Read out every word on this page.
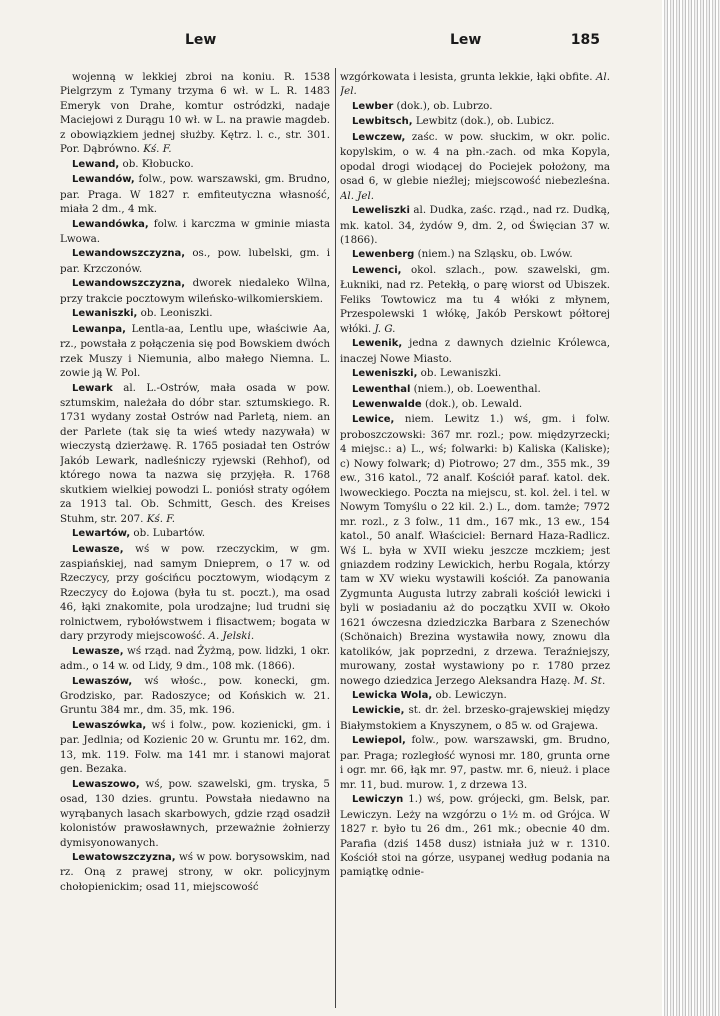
Lew	Lew	185

wojenną w lekkiej zbroi na koniu. R. 1538 Pielgrzym z Tymany trzyma 6 wł. w L. R. 1483 Emeryk von Drahe, komtur ostródzki, nadaje Maciejowi z Durągu 10 wł. w L. na prawie magdeb. z obowiązkiem jednej służby. Kętrz. l. c., str. 301. Por. Dąbrówno. Kś. F.

Lewand, ob. Kłobucko.

Lewandów, folw., pow. warszawski, gm. Brudno, par. Praga. W 1827 r. emfiteutyczna własność, miała 2 dm., 4 mk.

Lewandówka, folw. i karczma w gminie miasta Lwowa.

Lewandowszczyzna, os., pow. lubelski, gm. i par. Krzczonów.

Lewandowszczyzna, dworek niedaleko Wilna, przy trakcie pocztowym wileńsko-wilkomierskiem.

Lewaniszki, ob. Leoniszki.

Lewanpa, Lentla-aa, Lentlu upe, właściwie Aa, rz., powstała z połączenia się pod Bowskiem dwóch rzek Muszy i Niemunia, albo małego Niemna. L. zowie ją W. Pol.

Lewark al. L.-Ostrów, mała osada w pow. sztumskim, należała do dóbr star. sztumskiego. R. 1731 wydany został Ostrów nad Parletą, niem. an der Parlete (tak się ta wieś wtedy nazywała) w wieczystą dzierżawę. R. 1765 posiadał ten Ostrów Jakób Lewark, nadleśniczy ryjewski (Rehhof), od którego nowa ta nazwa się przyjęła. R. 1768 skutkiem wielkiej powodzi L. poniósł straty ogółem za 1913 tal. Ob. Schmitt, Gesch. des Kreises Stuhm, str. 207. Kś. F.

Lewartów, ob. Lubartów.

Lewasze, wś w pow. rzeczyckim, w gm. zaspiańskiej, nad samym Dnieprem, o 17 w. od Rzeczycy, przy gościńcu pocztowym, wiodącym z Rzeczycy do Łojowa (była tu st. poczt.), ma osad 46, łąki znakomite, pola urodzajne; lud trudni się rolnictwem, rybołówstwem i flisactwem; bogata w dary przyrody miejscowość. A. Jelski.

Lewasze, wś rząd. nad Żyżmą, pow. lidzki, 1 okr. adm., o 14 w. od Lidy, 9 dm., 108 mk. (1866).

Lewaszów, wś włośc., pow. konecki, gm. Grodzisko, par. Radoszyce; od Końskich w. 21. Gruntu 384 mr., dm. 35, mk. 196.

Lewaszówka, wś i folw., pow. kozienicki, gm. i par. Jedlnia; od Kozienic 20 w. Gruntu mr. 162, dm. 13, mk. 119. Folw. ma 141 mr. i stanowi majorat gen. Bezaka.

Lewaszowo, wś, pow. szawelski, gm. tryska, 5 osad, 130 dzies. gruntu. Powstała niedawno na wyrąbanych lasach skarbowych, gdzie rząd osadził kolonistów prawosławnych, przeważnie żołnierzy dymisyonowanych.

Lewatowszczyzna, wś w pow. borysowskim, nad rz. Oną z prawej strony, w okr. policyjnym chołopienickim; osad 11, miejscowość

wzgórkowata i lesista, grunta lekkie, łąki obfite. Al. Jel.

Lewber (dok.), ob. Lubrzo.

Lewbitsch, Lewbitz (dok.), ob. Lubicz.

Lewczew, zaśc. w pow. słuckim, w okr. polic. kopylskim, o w. 4 na płn.-zach. od mka Kopyla, opodal drogi wiodącej do Pociejek położony, ma osad 6, w glebie nieźlej; miejscowość niebezleśna. Al. Jel.

Leweliszki al. Dudka, zaśc. rząd., nad rz. Dudką, mk. katol. 34, żydów 9, dm. 2, od Święcian 37 w. (1866).

Lewenberg (niem.) na Szląsku, ob. Lwów.

Lewenci, okol. szlach., pow. szawelski, gm. Łukniki, nad rz. Petekłą, o parę wiorst od Ubiszek. Feliks Towtowicz ma tu 4 włóki z młynem, Przespolewski 1 włókę, Jakób Perskowt półtorej włóki. J. G.

Lewenik, jedna z dawnych dzielnic Królewca, inaczej Nowe Miasto.

Leweniszki, ob. Lewaniszki.

Lewenthal (niem.), ob. Loewenthal.

Lewenwalde (dok.), ob. Lewald.

Lewice, niem. Lewitz 1.) wś, gm. i folw. proboszczowski: 367 mr. rozl.; pow. międzyrzecki; 4 miejsc.: a) L., wś; folwarki: b) Kaliska (Kaliske); c) Nowy folwark; d) Piotrowo; 27 dm., 355 mk., 39 ew., 316 katol., 72 analf. Kościół paraf. katol. dek. lwoweckiego. Poczta na miejscu, st. kol. żel. i tel. w Nowym Tomyślu o 22 kil. 2.) L., dom. tamże; 7972 mr. rozl., z 3 folw., 11 dm., 167 mk., 13 ew., 154 katol., 50 analf. Właściciel: Bernard Haza-Radlicz. Wś L. była w XVII wieku jeszcze mczkiem; jest gniazdem rodziny Lewickich, herbu Rogala, którzy tam w XV wieku wystawili kościół. Za panowania Zygmunta Augusta lutrzy zabrali kościół lewicki i byli w posiadaniu aż do początku XVII w. Około 1621 ówczesna dziedziczka Barbara z Szenechów (Schönaich) Brezina wystawiła nowy, znowu dla katolików, jak poprzedni, z drzewa. Teraźniejszy, murowany, został wystawiony po r. 1780 przez nowego dziedzica Jerzego Aleksandra Hazę. M. St.

Lewicka Wola, ob. Lewiczyn.

Lewickie, st. dr. żel. brzesko-grajewskiej między Białymstokiem a Knyszynem, o 85 w. od Grajewa.

Lewiepol, folw., pow. warszawski, gm. Brudno, par. Praga; rozległość wynosi mr. 180, grunta orne i ogr. mr. 66, łąk mr. 97, pastw. mr. 6, nieuż. i place mr. 11, bud. murow. 1, z drzewa 13.

Lewiczyn 1.) wś, pow. grójecki, gm. Belsk, par. Lewiczyn. Leży na wzgórzu o 1½ m. od Grójca. W 1827 r. było tu 26 dm., 261 mk.; obecnie 40 dm. Parafia (dziś 1458 dusz) istniała już w r. 1310. Kościół stoi na górze, usypanej według podania na pamiątkę odnie-
